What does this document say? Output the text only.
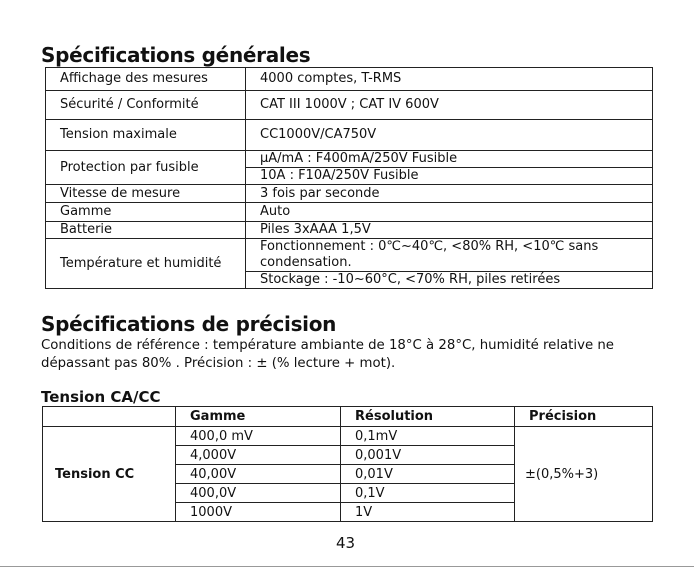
Spécifications générales
Affichage des mesures	4000 comptes, T-RMS
Sécurité / Conformité	CAT III 1000V ; CAT IV 600V
Tension maximale	CC1000V/CA750V
Protection par fusible	μA/mA : F400mA/250V Fusible
10A : F10A/250V Fusible

Vitesse de mesure	3 fois par seconde
Gamme	Auto
Batterie	Piles 3xAAA 1,5V
Température et humidité	Fonctionnement : 0℃~40℃, <80% RH, <10℃ sans
condensation.
Stockage : -10~60°C, <70% RH, piles retirées
Spécifications de précision

Conditions de référence : température ambiante de 18°C à 28°C, humidité relative ne

dépassant pas 80% . Précision : ± (% lecture + mot).

Tension CA/CC
	Gamme	Résolution	Précision
Tension CC	400,0 mV	0,1mV	±(0,5%+3)
	4,000V	0,001V	
	40,00V	0,01V	
	400,0V	0,1V	
	1000V	1V	
43
